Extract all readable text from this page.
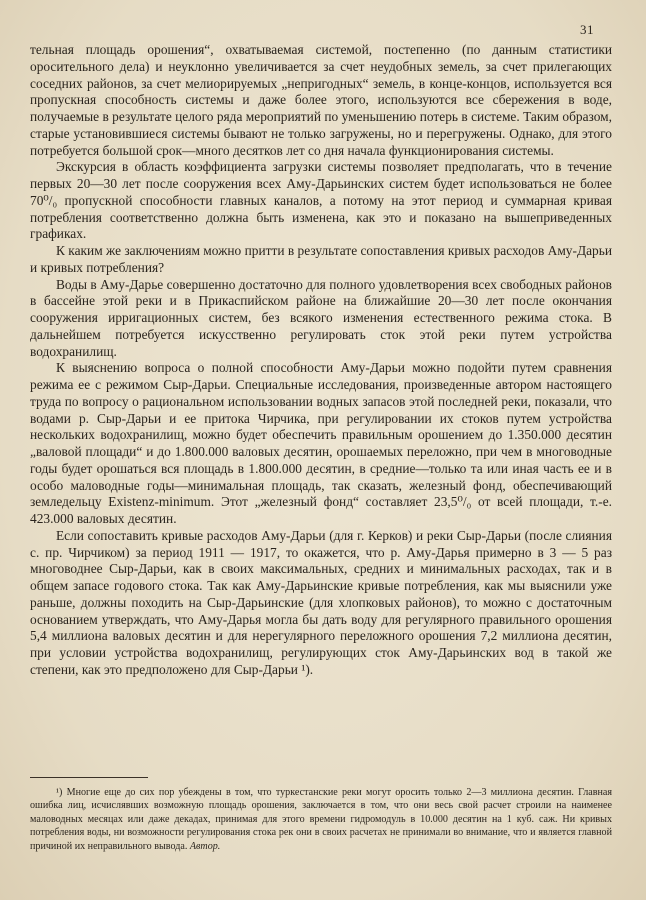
31

тельная площадь орошения“, охватываемая системой, постепенно (по данным статистики оросительного дела) и неуклонно увеличивается за счет неудобных земель, за счет прилегающих соседних районов, за счет мелиорируемых „непригодных“ земель, в конце-концов, используется вся пропускная способность системы и даже более этого, используются все сбережения в воде, получаемые в результате целого ряда мероприятий по уменьшению потерь в системе. Таким образом, старые установившиеся системы бывают не только загружены, но и перегружены. Однако, для этого потребуется большой срок—много десятков лет со дня начала функционирования системы.

Экскурсия в область коэффициента загрузки системы позволяет предполагать, что в течение первых 20—30 лет после сооружения всех Аму-Дарьинских систем будет использоваться не более 70⁰/₀ пропускной способности главных каналов, а потому на этот период и суммарная кривая потребления соответственно должна быть изменена, как это и показано на вышеприведенных графиках.

К каким же заключениям можно притти в результате сопоставления кривых расходов Аму-Дарьи и кривых потребления?

Воды в Аму-Дарье совершенно достаточно для полного удовлетворения всех свободных районов в бассейне этой реки и в Прикаспийском районе на ближайшие 20—30 лет после окончания сооружения ирригационных систем, без всякого изменения естественного режима стока. В дальнейшем потребуется искусственно регулировать сток этой реки путем устройства водохранилищ.

К выяснению вопроса о полной способности Аму-Дарьи можно подойти путем сравнения режима ее с режимом Сыр-Дарьи. Специальные исследования, произведенные автором настоящего труда по вопросу о рациональном использовании водных запасов этой последней реки, показали, что водами р. Сыр-Дарьи и ее притока Чирчика, при регулировании их стоков путем устройства нескольких водохранилищ, можно будет обеспечить правильным орошением до 1.350.000 десятин „валовой площади“ и до 1.800.000 валовых десятин, орошаемых переложно, при чем в многоводные годы будет орошаться вся площадь в 1.800.000 десятин, в средние—только та или иная часть ее и в особо маловодные годы—минимальная площадь, так сказать, железный фонд, обеспечивающий земледельцу Existenz-minimum. Этот „железный фонд“ составляет 23,5⁰/₀ от всей площади, т.-е. 423.000 валовых десятин.

Если сопоставить кривые расходов Аму-Дарьи (для г. Керков) и реки Сыр-Дарьи (после слияния с. пр. Чирчиком) за период 1911 — 1917, то окажется, что р. Аму-Дарья примерно в 3 — 5 раз многоводнее Сыр-Дарьи, как в своих максимальных, средних и минимальных расходах, так и в общем запасе годового стока. Так как Аму-Дарьинские кривые потребления, как мы выяснили уже раньше, должны походить на Сыр-Дарьинские (для хлопковых районов), то можно с достаточным основанием утверждать, что Аму-Дарья могла бы дать воду для регулярного правильного орошения 5,4 миллиона валовых десятин и для нерегулярного переложного орошения 7,2 миллиона десятин, при условии устройства водохранилищ, регулирующих сток Аму-Дарьинских вод в такой же степени, как это предположено для Сыр-Дарьи ¹).

¹) Многие еще до сих пор убеждены в том, что туркестанские реки могут оросить только 2—3 миллиона десятин. Главная ошибка лиц, исчислявших возможную площадь орошения, заключается в том, что они весь свой расчет строили на наименее маловодных месяцах или даже декадах, принимая для этого времени гидромодуль в 10.000 десятин на 1 куб. саж. Ни кривых потребления воды, ни возможности регулирования стока рек они в своих расчетах не принимали во внимание, что и является главной причиной их неправильного вывода. Автор.
